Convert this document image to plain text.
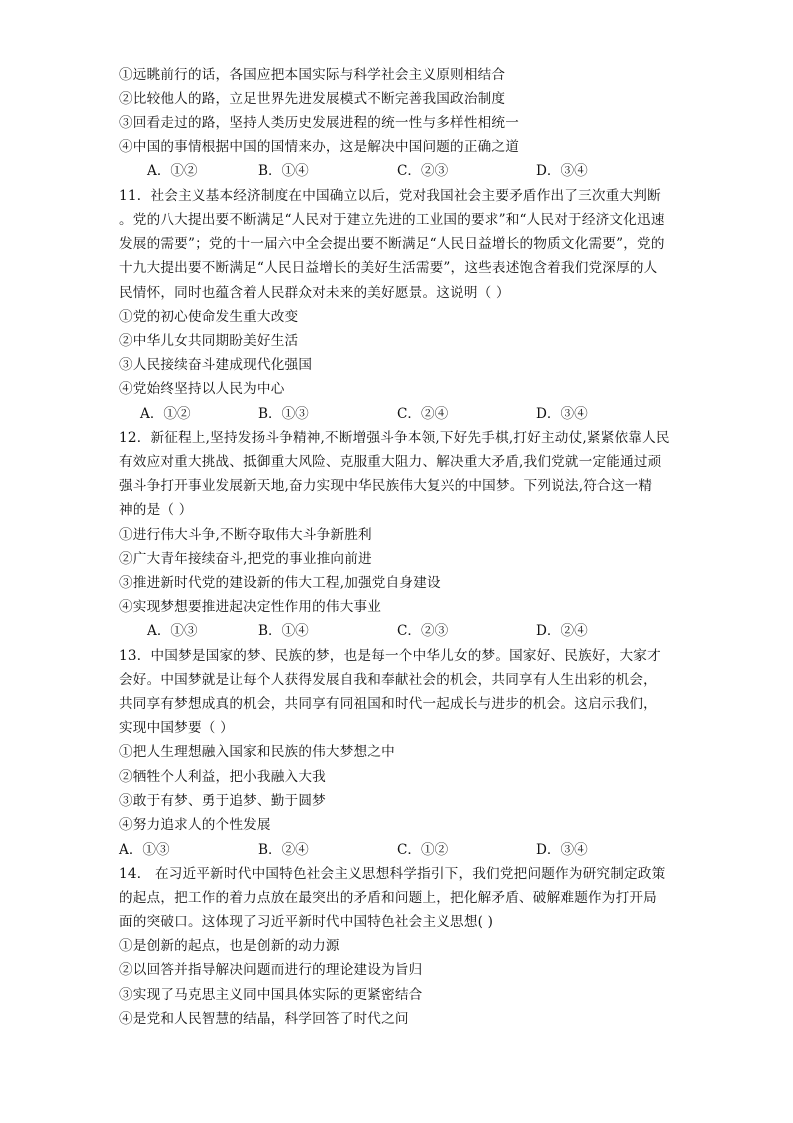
①远眺前行的话，各国应把本国实际与科学社会主义原则相结合
②比较他人的路，立足世界先进发展模式不断完善我国政治制度
③回看走过的路，坚持人类历史发展进程的统一性与多样性相统一
④中国的事情根据中国的国情来办，这是解决中国问题的正确之道
A．①②	B．①④	C．②③	D．③④
11．社会主义基本经济制度在中国确立以后，党对我国社会主要矛盾作出了三次重大判断
。党的八大提出要不断满足“人民对于建立先进的工业国的要求”和“人民对于经济文化迅速
发展的需要”；党的十一届六中全会提出要不断满足“人民日益增长的物质文化需要”，党的
十九大提出要不断满足“人民日益增长的美好生活需要”，这些表述饱含着我们党深厚的人
民情怀，同时也蕴含着人民群众对未来的美好愿景。这说明（ ）
①党的初心使命发生重大改变
②中华儿女共同期盼美好生活
③人民接续奋斗建成现代化强国
④党始终坚持以人民为中心
A．①②	B．①③	C．②④	D．③④
12．新征程上,坚持发扬斗争精神,不断增强斗争本领,下好先手棋,打好主动仗,紧紧依靠人民
有效应对重大挑战、抵御重大风险、克服重大阻力、解决重大矛盾,我们党就一定能通过顽
强斗争打开事业发展新天地,奋力实现中华民族伟大复兴的中国梦。下列说法,符合这一精
神的是（ ）
①进行伟大斗争,不断夺取伟大斗争新胜利
②广大青年接续奋斗,把党的事业推向前进
③推进新时代党的建设新的伟大工程,加强党自身建设
④实现梦想要推进起决定性作用的伟大事业
A．①③	B．①④	C．②③	D．②④
13．中国梦是国家的梦、民族的梦，也是每一个中华儿女的梦。国家好、民族好，大家才
会好。中国梦就是让每个人获得发展自我和奉献社会的机会，共同享有人生出彩的机会，
共同享有梦想成真的机会，共同享有同祖国和时代一起成长与进步的机会。这启示我们，
实现中国梦要（ ）
①把人生理想融入国家和民族的伟大梦想之中
②牺牲个人利益，把小我融入大我
③敢于有梦、勇于追梦、勤于圆梦
④努力追求人的个性发展
A．①③	B．②④	C．①②	D．③④
14． 在习近平新时代中国特色社会主义思想科学指引下，我们党把问题作为研究制定政策
的起点，把工作的着力点放在最突出的矛盾和问题上，把化解矛盾、破解难题作为打开局
面的突破口。这体现了习近平新时代中国特色社会主义思想( )
①是创新的起点，也是创新的动力源
②以回答并指导解决问题而进行的理论建设为旨归
③实现了马克思主义同中国具体实际的更紧密结合
④是党和人民智慧的结晶，科学回答了时代之问
